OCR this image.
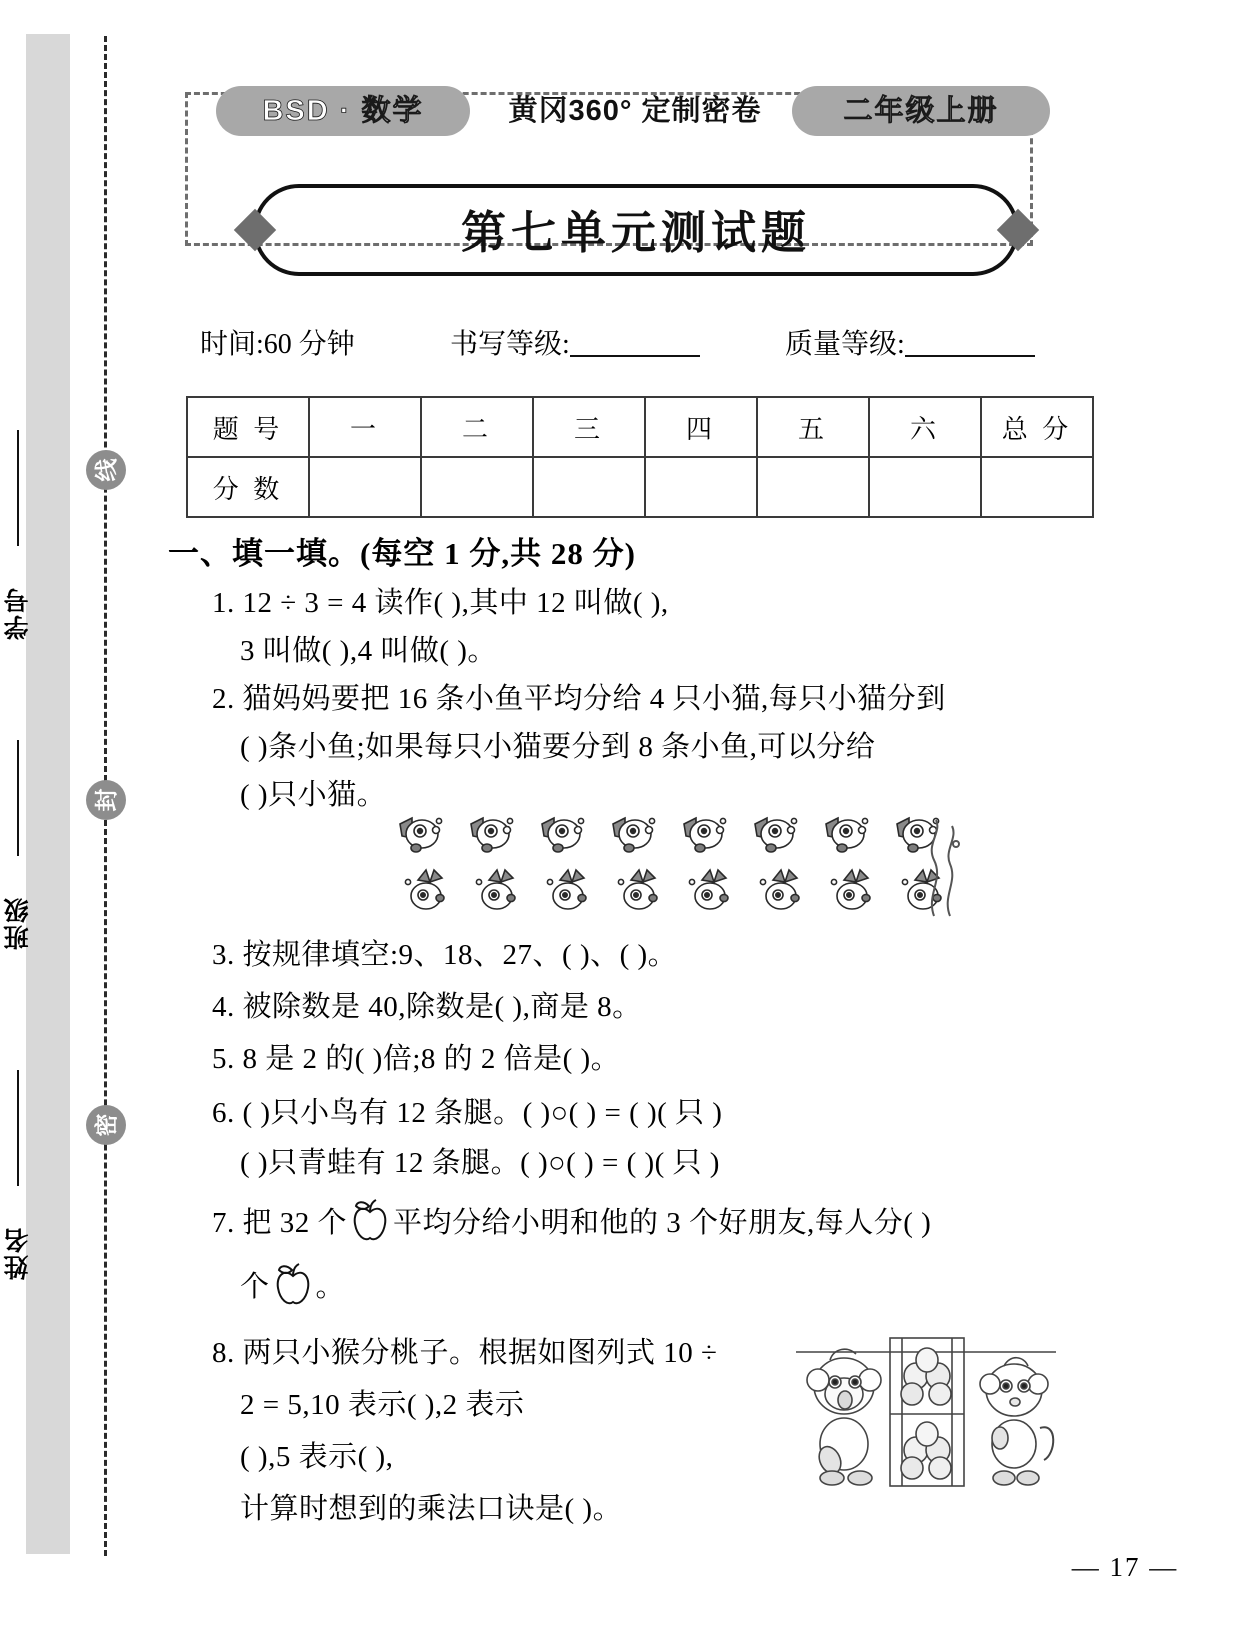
学号
班级
姓名
线
封
密
BSD · 数学	黄冈360° 定制密卷	二年级上册
第七单元测试题
时间:60 分钟	书写等级:	质量等级:
题 号	一	二	三	四	五	六	总 分
分 数							
一、填一填。(每空 1 分,共 28 分)
1. 12 ÷ 3 = 4 读作( ),其中 12 叫做( ),
3 叫做( ),4 叫做( )。
2. 猫妈妈要把 16 条小鱼平均分给 4 只小猫,每只小猫分到
( )条小鱼;如果每只小猫要分到 8 条小鱼,可以分给
( )只小猫。
3. 按规律填空:9、18、27、( )、( )。
4. 被除数是 40,除数是( ),商是 8。
5. 8 是 2 的( )倍;8 的 2 倍是( )。
6. ( )只小鸟有 12 条腿。( )○( ) = ( )( 只 )
( )只青蛙有 12 条腿。( )○( ) = ( )( 只 )
7. 把 32 个 平均分给小明和他的 3 个好朋友,每人分( )
个 。
8. 两只小猴分桃子。根据如图列式 10 ÷
2 = 5,10 表示( ),2 表示
( ),5 表示( ),
计算时想到的乘法口诀是( )。
— 17 —
